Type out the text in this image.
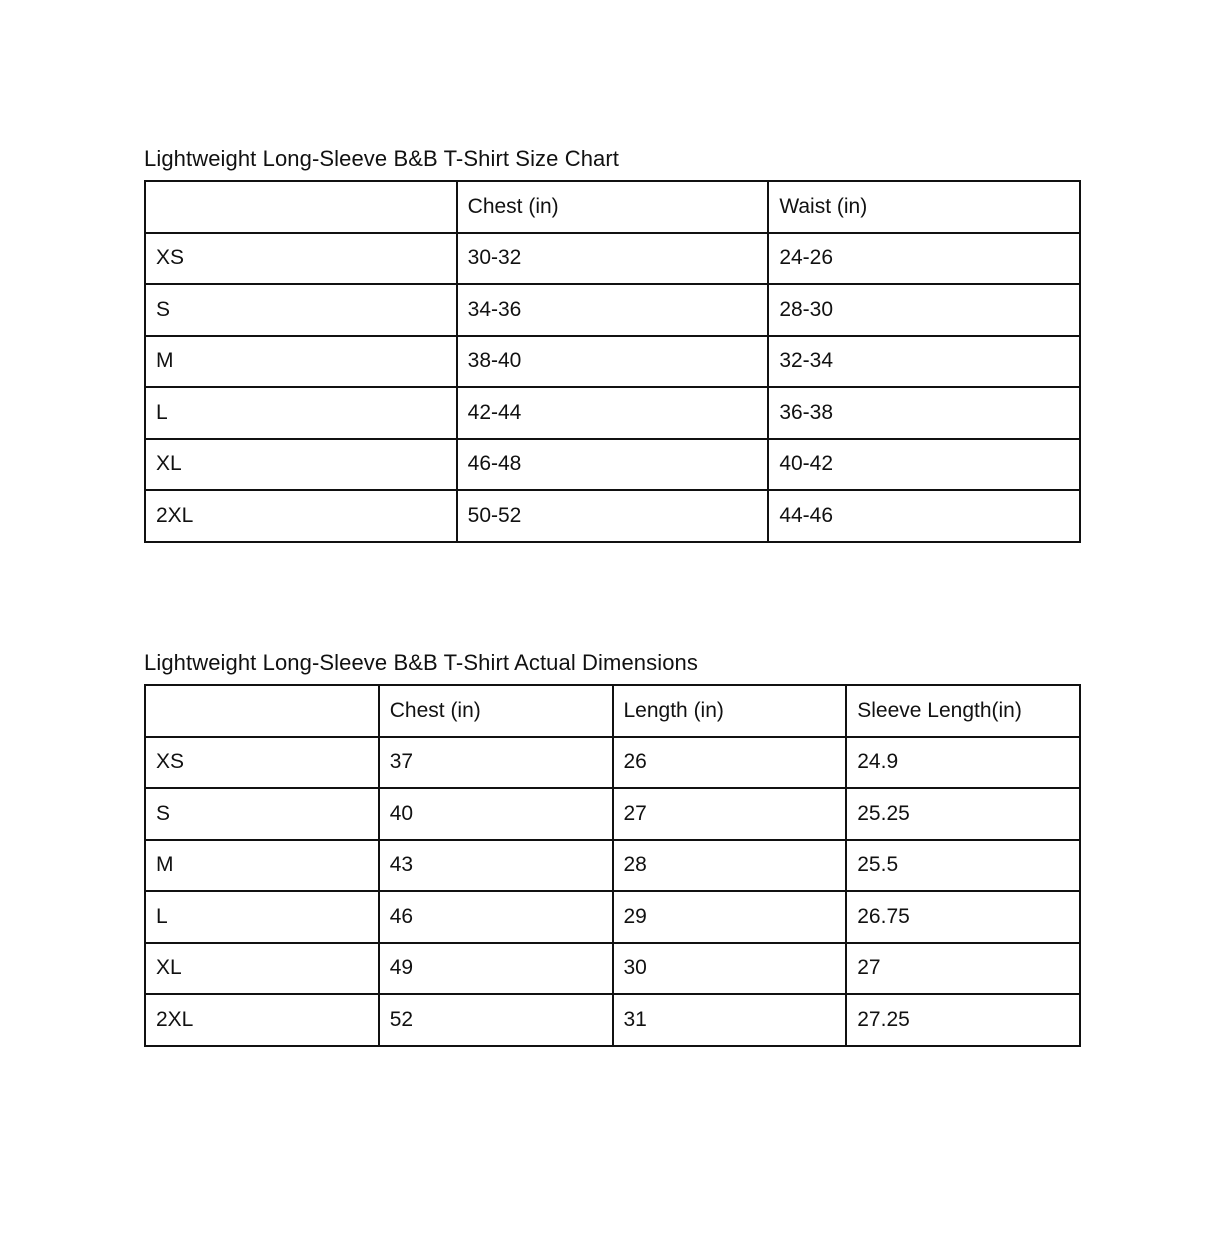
Lightweight Long-Sleeve B&B T-Shirt Size Chart
	Chest (in)	Waist (in)
XS	30-32	24-26
S	34-36	28-30
M	38-40	32-34
L	42-44	36-38
XL	46-48	40-42
2XL	50-52	44-46
Lightweight Long-Sleeve B&B T-Shirt Actual Dimensions
	Chest (in)	Length (in)	Sleeve Length(in)
XS	37	26	24.9
S	40	27	25.25
M	43	28	25.5
L	46	29	26.75
XL	49	30	27
2XL	52	31	27.25
